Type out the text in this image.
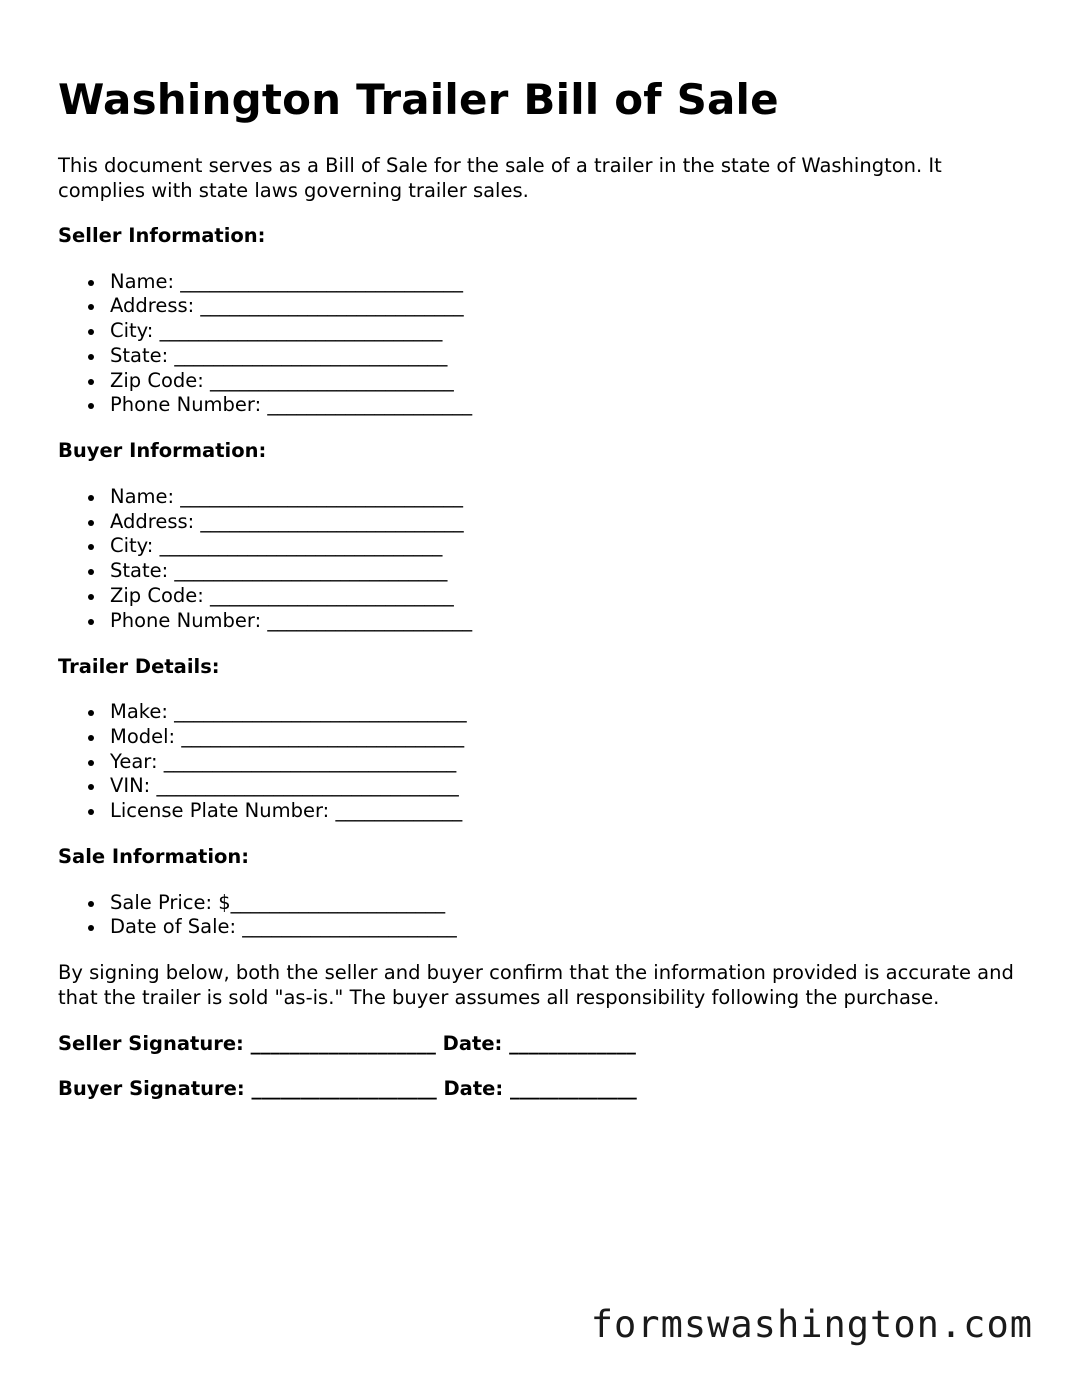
Washington Trailer Bill of Sale

This document serves as a Bill of Sale for the sale of a trailer in the state of Washington. It complies with state laws governing trailer sales.

Seller Information:
Name: _____________________________
Address: ___________________________
City: _____________________________
State: ____________________________
Zip Code: _________________________
Phone Number: _____________________
Buyer Information:
Name: _____________________________
Address: ___________________________
City: _____________________________
State: ____________________________
Zip Code: _________________________
Phone Number: _____________________
Trailer Details:
Make: ______________________________
Model: _____________________________
Year: ______________________________
VIN: _______________________________
License Plate Number: _____________
Sale Information:
Sale Price: $______________________
Date of Sale: ______________________

By signing below, both the seller and buyer confirm that the information provided is accurate and that the trailer is sold "as-is." The buyer assumes all responsibility following the purchase.

Seller Signature: ___________________ Date: _____________

Buyer Signature: ___________________ Date: _____________

formswashington.com
